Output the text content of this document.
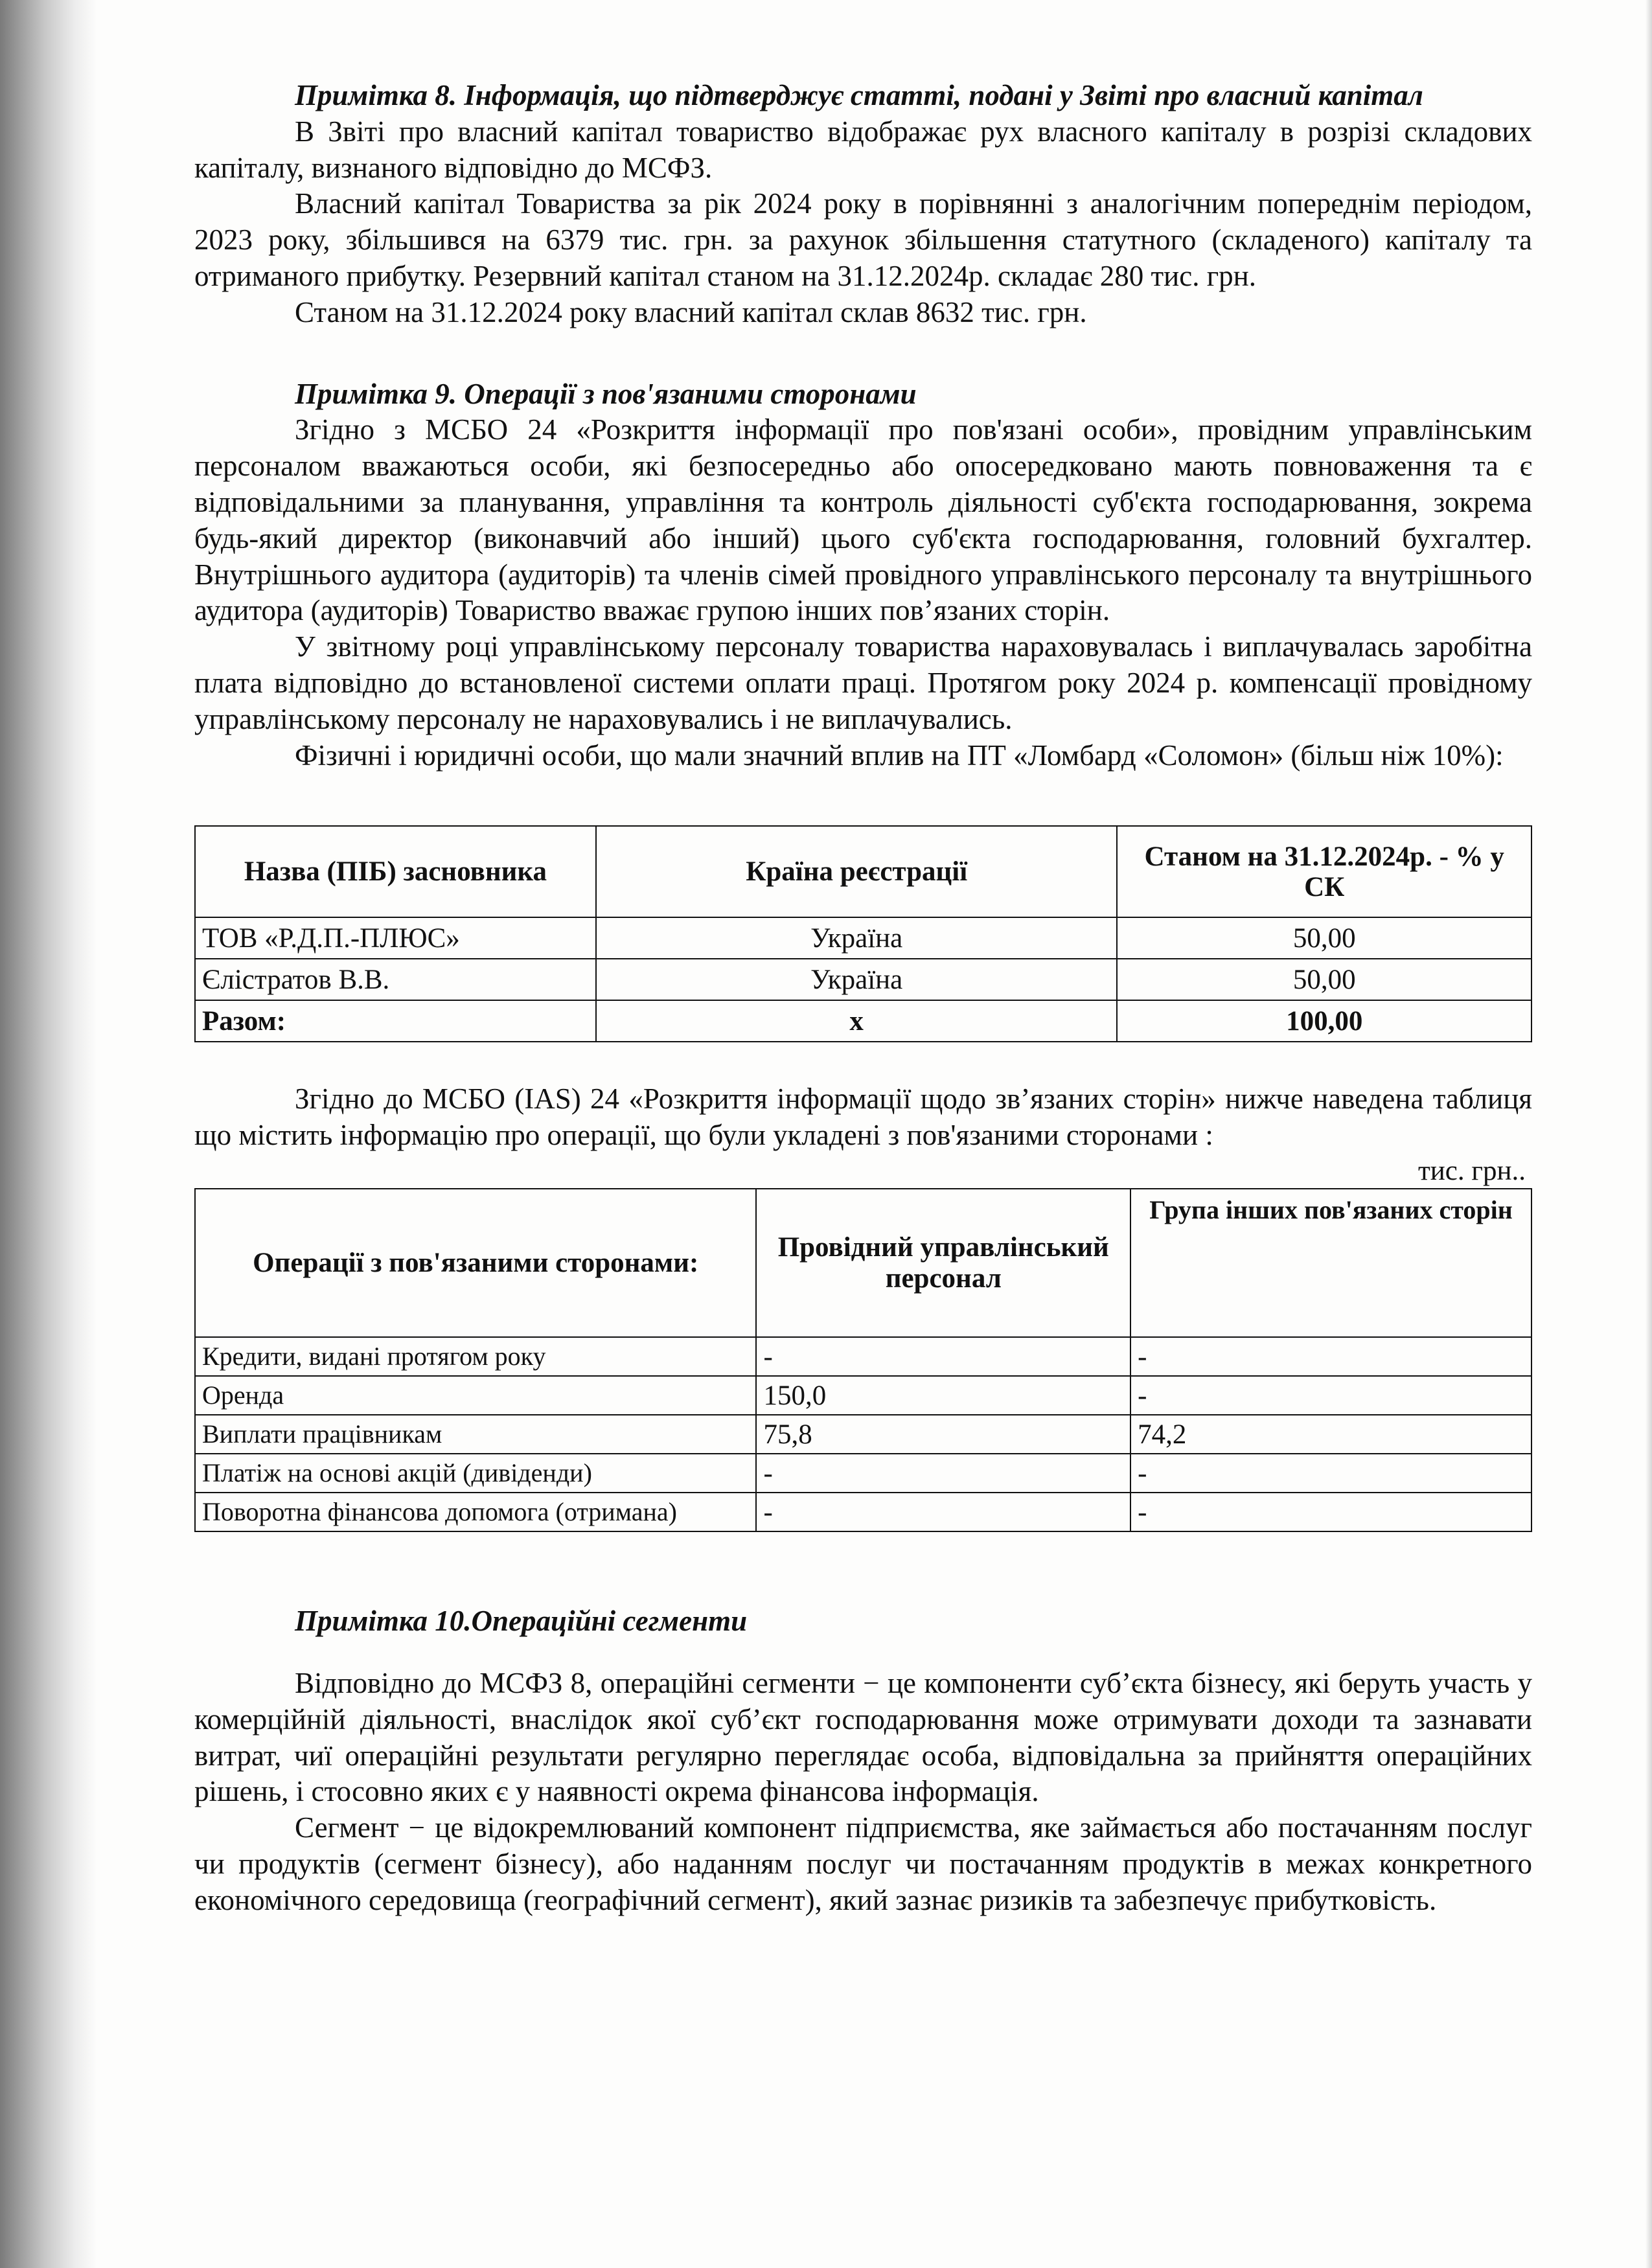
Примітка 8. Інформація, що підтверджує статті, подані у Звіті про власний капітал

В Звіті про власний капітал товариство відображає рух власного капіталу в розрізі складових капіталу, визнаного відповідно до МСФЗ.

Власний капітал Товариства за рік 2024 року в порівнянні з аналогічним попереднім періодом, 2023 року, збільшився на 6379 тис. грн. за рахунок збільшення статутного (складеного) капіталу та отриманого прибутку. Резервний капітал станом на 31.12.2024р. складає 280 тис. грн.

Станом на 31.12.2024 року власний капітал склав 8632 тис. грн.

Примітка 9. Операції з пов'язаними сторонами

Згідно з МСБО 24 «Розкриття інформації про пов'язані особи», провідним управлінським персоналом вважаються особи, які безпосередньо або опосередковано мають повноваження та є відповідальними за планування, управління та контроль діяльності суб'єкта господарювання, зокрема будь-який директор (виконавчий або інший) цього суб'єкта господарювання, головний бухгалтер. Внутрішнього аудитора (аудиторів) та членів сімей провідного управлінського персоналу та внутрішнього аудитора (аудиторів) Товариство вважає групою інших пов’язаних сторін.

У звітному році управлінському персоналу товариства нараховувалась і виплачувалась заробітна плата відповідно до встановленої системи оплати праці. Протягом року 2024 р. компенсації провідному управлінському персоналу не нараховувались і не виплачувались.

Фізичні і юридичні особи, що мали значний вплив на ПТ «Ломбард «Соломон» (більш ніж 10%):

Назва (ПІБ) засновника	Країна реєстрації	Станом на 31.12.2024р. - % у СК
ТОВ «Р.Д.П.-ПЛЮС»	Україна	50,00
Єлістратов В.В.	Україна	50,00
Разом:	х	100,00

Згідно до МСБО (IAS) 24 «Розкриття інформації щодо зв’язаних сторін» нижче наведена таблиця що містить інформацію про операції, що були укладені з пов'язаними сторонами :

тис. грн..
Операції з пов'язаними сторонами:	Провідний управлінський персонал	Група інших пов'язаних сторін
Кредити, видані протягом року	-	-
Оренда	150,0	-
Виплати працівникам	75,8	74,2
Платіж на основі акцій (дивіденди)	-	-
Поворотна фінансова допомога (отримана)	-	-
Примітка 10.Операційні сегменти

Відповідно до МСФЗ 8, операційні сегменти − це компоненти суб’єкта бізнесу, які беруть участь у комерційній діяльності, внаслідок якої суб’єкт господарювання може отримувати доходи та зазнавати витрат, чиї операційні результати регулярно переглядає особа, відповідальна за прийняття операційних рішень, і стосовно яких є у наявності окрема фінансова інформація.

Сегмент − це відокремлюваний компонент підприємства, яке займається або постачанням послуг чи продуктів (сегмент бізнесу), або наданням послуг чи постачанням продуктів в межах конкретного економічного середовища (географічний сегмент), який зазнає ризиків та забезпечує прибутковість.
